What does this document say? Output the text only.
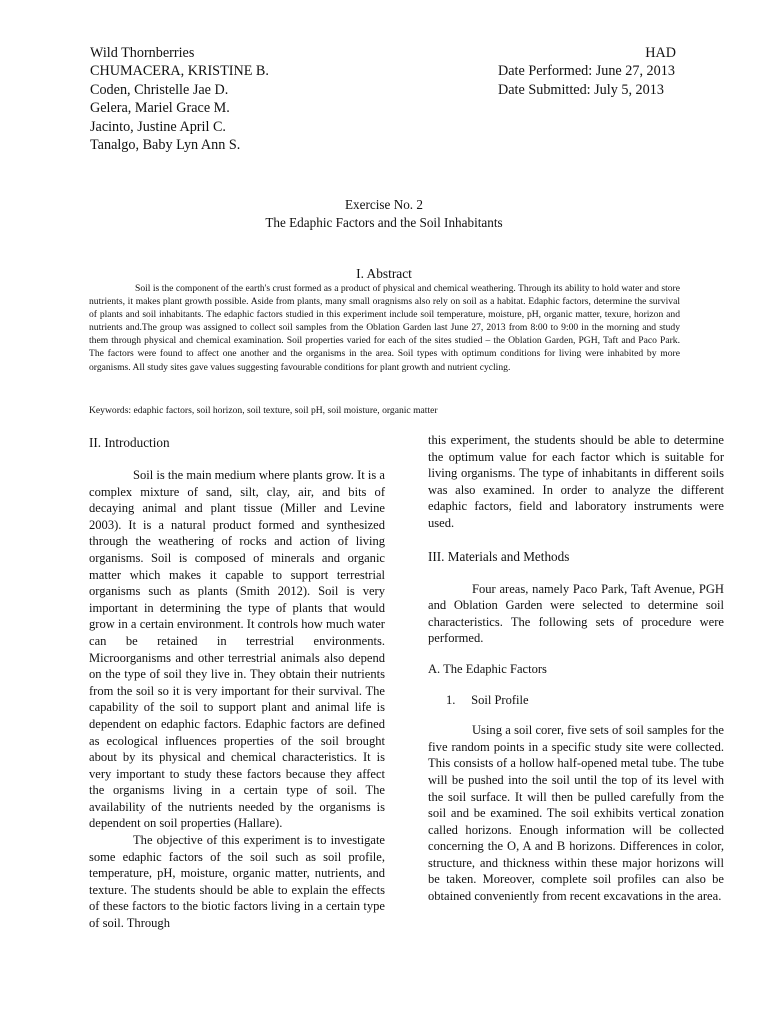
Wild Thornberries
CHUMACERA, KRISTINE B.
Coden, Christelle Jae D.
Gelera, Mariel Grace M.
Jacinto, Justine April C.
Tanalgo, Baby Lyn Ann S.
HAD
Date Performed: June 27, 2013
Date Submitted: July 5, 2013
Exercise No. 2
The Edaphic Factors and the Soil Inhabitants
I. Abstract

Soil is the component of the earth's crust formed as a product of physical and chemical weathering. Through its ability to hold water and store nutrients, it makes plant growth possible. Aside from plants, many small oragnisms also rely on soil as a habitat. Edaphic factors, determine the survival of plants and soil inhabitants. The edaphic factors studied in this experiment include soil temperature, moisture, pH, organic matter, texure, horizon and nutrients and.The group was assigned to collect soil samples from the Oblation Garden last June 27, 2013 from 8:00 to 9:00 in the morning and study them through physical and chemical examination. Soil properties varied for each of the sites studied – the Oblation Garden, PGH, Taft and Paco Park. The factors were found to affect one another and the organisms in the area. Soil types with optimum conditions for living were inhabited by more organisms. All study sites gave values suggesting favourable conditions for plant growth and nutrient cycling.

Keywords: edaphic factors, soil horizon, soil texture, soil pH, soil moisture, organic matter
II. Introduction

Soil is the main medium where plants grow. It is a complex mixture of sand, silt, clay, air, and bits of decaying animal and plant tissue (Miller and Levine 2003). It is a natural product formed and synthesized through the weathering of rocks and action of living organisms. Soil is composed of minerals and organic matter which makes it capable to support terrestrial organisms such as plants (Smith 2012). Soil is very important in determining the type of plants that would grow in a certain environment. It controls how much water can be retained in terrestrial environments. Microorganisms and other terrestrial animals also depend on the type of soil they live in. They obtain their nutrients from the soil so it is very important for their survival. The capability of the soil to support plant and animal life is dependent on edaphic factors. Edaphic factors are defined as ecological influences properties of the soil brought about by its physical and chemical characteristics. It is very important to study these factors because they affect the organisms living in a certain type of soil. The availability of the nutrients needed by the organisms is dependent on soil properties (Hallare).

The objective of this experiment is to investigate some edaphic factors of the soil such as soil profile, temperature, pH, moisture, organic matter, nutrients, and texture. The students should be able to explain the effects of these factors to the biotic factors living in a certain type of soil. Through

this experiment, the students should be able to determine the optimum value for each factor which is suitable for living organisms. The type of inhabitants in different soils was also examined. In order to analyze the different edaphic factors, field and laboratory instruments were used.

III. Materials and Methods

Four areas, namely Paco Park, Taft Avenue, PGH and Oblation Garden were selected to determine soil characteristics. The following sets of procedure were performed.

A. The Edaphic Factors

1.     Soil Profile

Using a soil corer, five sets of soil samples for the five random points in a specific study site were collected. This consists of a hollow half-opened metal tube. The tube will be pushed into the soil until the top of its level with the soil surface. It will then be pulled carefully from the soil and be examined. The soil exhibits vertical zonation called horizons. Enough information will be collected concerning the O, A and B horizons. Differences in color, structure, and thickness within these major horizons will be taken. Moreover, complete soil profiles can also be obtained conveniently from recent excavations in the area.
